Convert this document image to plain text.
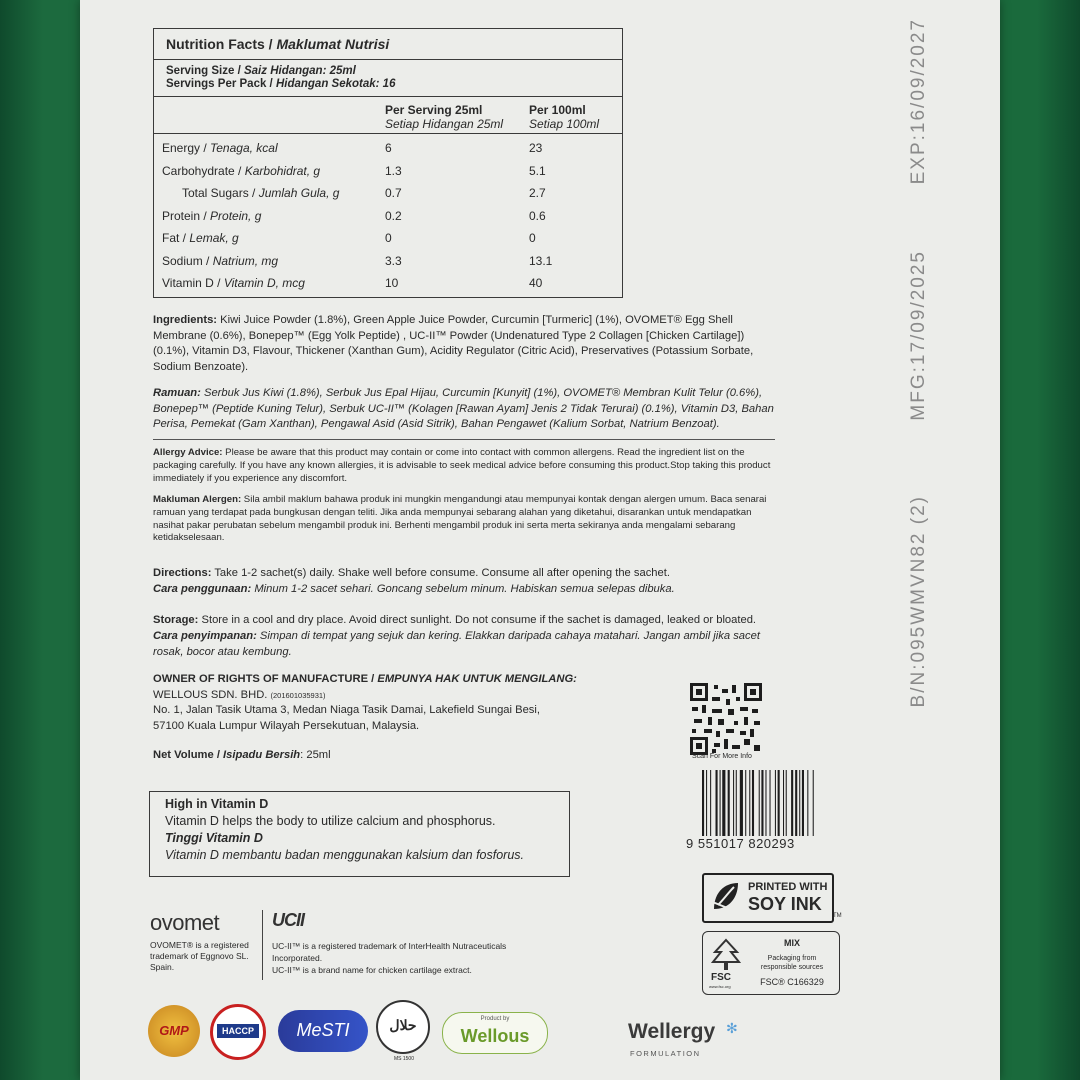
Nutrition Facts / Maklumat Nutrisi
Serving Size / Saiz Hidangan: 25ml
Servings Per Pack / Hidangan Sekotak: 16
Per Serving 25ml
Setiap Hidangan 25ml
Per 100ml
Setiap 100ml
Energy / Tenaga, kcal	6	23
Carbohydrate / Karbohidrat, g	1.3	5.1
Total Sugars / Jumlah Gula, g	0.7	2.7
Protein / Protein, g	0.2	0.6
Fat / Lemak, g	0	0
Sodium / Natrium, mg	3.3	13.1
Vitamin D / Vitamin D, mcg	10	40
Ingredients: Kiwi Juice Powder (1.8%), Green Apple Juice Powder, Curcumin [Turmeric] (1%), OVOMET® Egg Shell Membrane (0.6%), Bonepep™ (Egg Yolk Peptide) , UC-II™ Powder (Undenatured Type 2 Collagen [Chicken Cartilage]) (0.1%), Vitamin D3, Flavour, Thickener (Xanthan Gum), Acidity Regulator (Citric Acid), Preservatives (Potassium Sorbate, Sodium Benzoate).
Ramuan: Serbuk Jus Kiwi (1.8%), Serbuk Jus Epal Hijau, Curcumin [Kunyit] (1%), OVOMET® Membran Kulit Telur (0.6%), Bonepep™ (Peptide Kuning Telur), Serbuk UC-II™ (Kolagen [Rawan Ayam] Jenis 2 Tidak Terurai) (0.1%), Vitamin D3, Bahan Perisa, Pemekat (Gam Xanthan), Pengawal Asid (Asid Sitrik), Bahan Pengawet (Kalium Sorbat, Natrium Benzoat).
Allergy Advice: Please be aware that this product may contain or come into contact with common allergens. Read the ingredient list on the packaging carefully. If you have any known allergies, it is advisable to seek medical advice before consuming this product.Stop taking this product immediately if you experience any discomfort.
Makluman Alergen: Sila ambil maklum bahawa produk ini mungkin mengandungi atau mempunyai kontak dengan alergen umum. Baca senarai ramuan yang terdapat pada bungkusan dengan teliti. Jika anda mempunyai sebarang alahan yang diketahui, disarankan untuk mendapatkan nasihat pakar perubatan sebelum mengambil produk ini. Berhenti mengambil produk ini serta merta sekiranya anda mengalami sebarang ketidakselesaan.
Directions: Take 1-2 sachet(s) daily. Shake well before consume. Consume all after opening the sachet.
Cara penggunaan: Minum 1-2 sacet sehari. Goncang sebelum minum. Habiskan semua selepas dibuka.
Storage: Store in a cool and dry place. Avoid direct sunlight. Do not consume if the sachet is damaged, leaked or bloated.
Cara penyimpanan: Simpan di tempat yang sejuk dan kering. Elakkan daripada cahaya matahari. Jangan ambil jika sacet rosak, bocor atau kembung.
OWNER OF RIGHTS OF MANUFACTURE / EMPUNYA HAK UNTUK MENGILANG:
WELLOUS SDN. BHD. (201601035931)
No. 1, Jalan Tasik Utama 3, Medan Niaga Tasik Damai, Lakefield Sungai Besi,
57100 Kuala Lumpur Wilayah Persekutuan, Malaysia.
Net Volume / Isipadu Bersih: 25ml
High in Vitamin D
Vitamin D helps the body to utilize calcium and phosphorus.
Tinggi Vitamin D
Vitamin D membantu badan menggunakan kalsium dan fosforus.
Scan For More Info
9 551017 820293
PRINTED WITH
SOY INK
TM
FSC
www.fsc.org
MIX
Packaging from
responsible sources
FSC® C166329
ovomet
OVOMET® is a registered trademark of Eggnovo SL. Spain.
UCII
UC-II™ is a registered trademark of InterHealth Nutraceuticals Incorporated.
UC-II™ is a brand name for chicken cartilage extract.
GMP	HACCP	MeSTI	حلال
MS 1500
Product by
Wellous	Wellergy ✻
FORMULATION
EXP:16/09/2027
MFG:17/09/2025
B/N:095WMVN82 (2)
